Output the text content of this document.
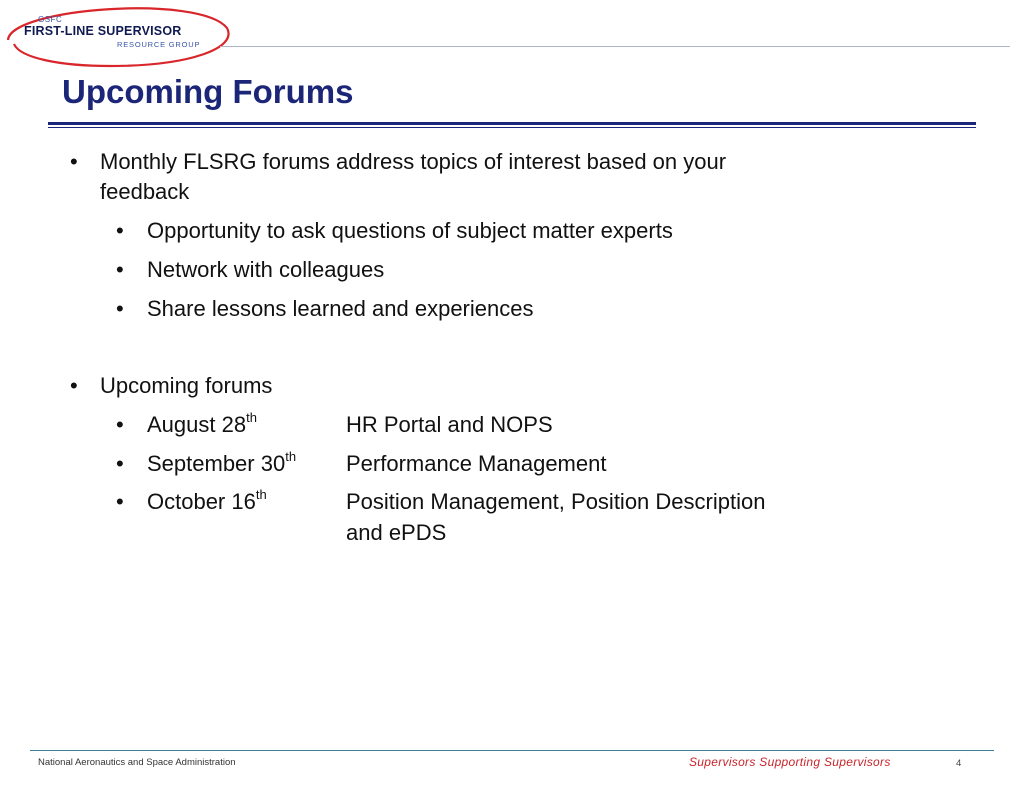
GSFC
FIRST-LINE SUPERVISOR
RESOURCE GROUP
Upcoming Forums
•	Monthly FLSRG forums address topics of interest based on your
feedback
•	Opportunity to ask questions of subject matter experts
•	Network with colleagues
•	Share lessons learned and experiences
•	Upcoming forums
•	August 28th	HR Portal and NOPS
•	September 30th Performance Management
•	October 16th	Position Management, Position Description
and ePDS
National Aeronautics and Space Administration	Supervisors Supporting Supervisors	4
